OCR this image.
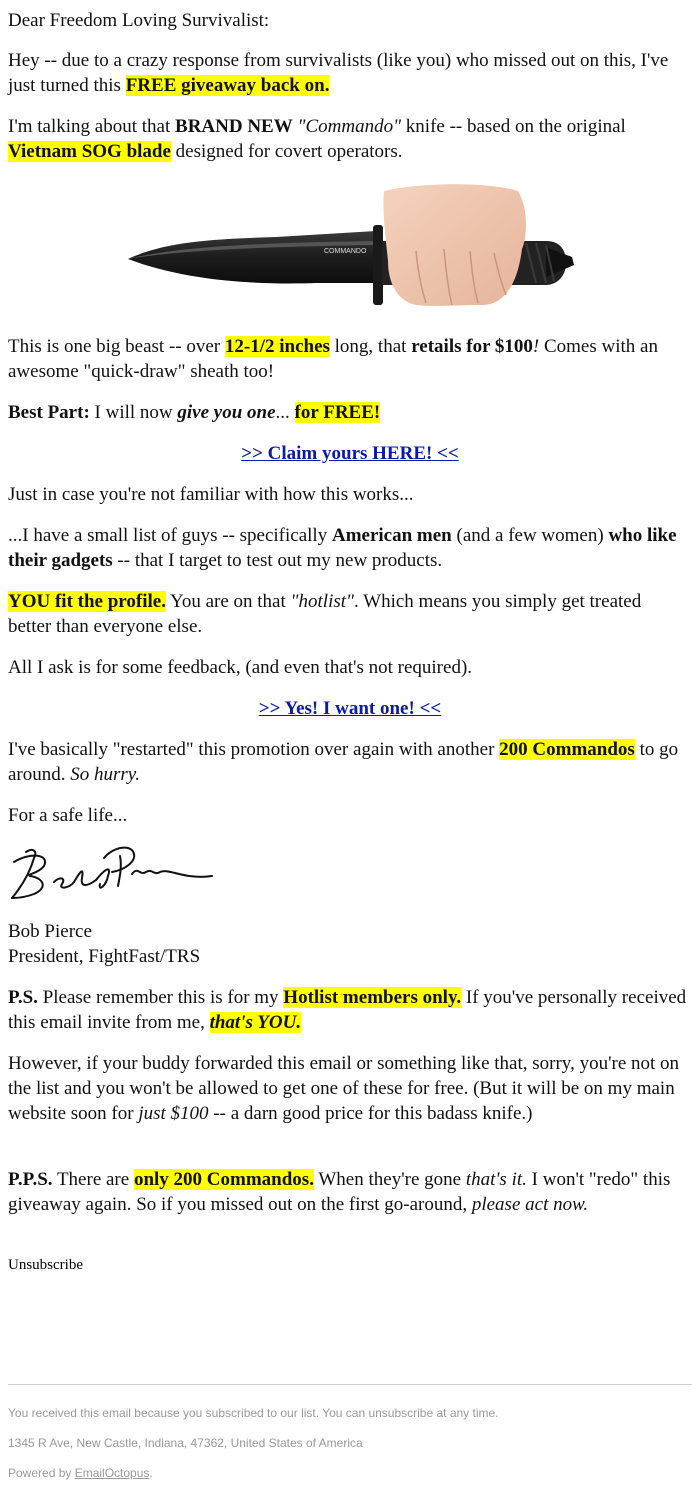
Dear Freedom Loving Survivalist:

Hey -- due to a crazy response from survivalists (like you) who missed out on this, I've just turned this FREE giveaway back on.

I'm talking about that BRAND NEW "Commando" knife -- based on the original Vietnam SOG blade designed for covert operators.

COMMANDO

This is one big beast -- over 12-1/2 inches long, that retails for $100! Comes with an awesome "quick-draw" sheath too!

Best Part: I will now give you one... for FREE!

>> Claim yours HERE! <<

Just in case you're not familiar with how this works...

...I have a small list of guys -- specifically American men (and a few women) who like their gadgets -- that I target to test out my new products.

YOU fit the profile. You are on that "hotlist". Which means you simply get treated better than everyone else.

All I ask is for some feedback, (and even that's not required).

>> Yes! I want one! <<

I've basically "restarted" this promotion over again with another 200 Commandos to go around. So hurry.

For a safe life...

Bob Pierce

President, FightFast/TRS

P.S. Please remember this is for my Hotlist members only. If you've personally received this email invite from me, that's YOU.

However, if your buddy forwarded this email or something like that, sorry, you're not on the list and you won't be allowed to get one of these for free. (But it will be on my main website soon for just $100 -- a darn good price for this badass knife.)

P.P.S. There are only 200 Commandos. When they're gone that's it. I won't "redo" this giveaway again. So if you missed out on the first go-around, please act now.

Unsubscribe
You received this email because you subscribed to our list. You can unsubscribe at any time.
1345 R Ave, New Castle, Indiana, 47362, United States of America
Powered by EmailOctopus.
